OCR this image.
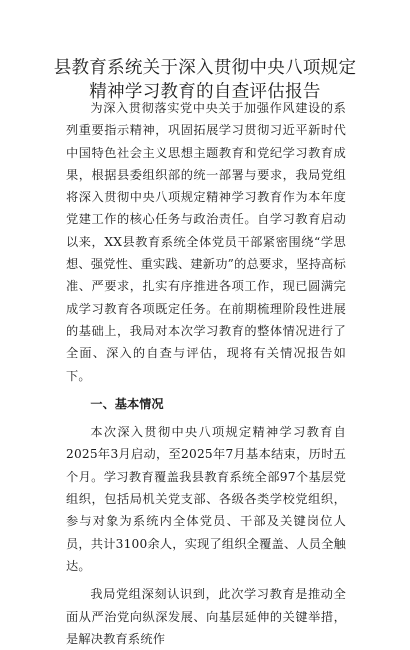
县教育系统关于深入贯彻中央八项规定精神学习教育的自查评估报告

为深入贯彻落实党中央关于加强作风建设的系列重要指示精神，巩固拓展学习贯彻习近平新时代中国特色社会主义思想主题教育和党纪学习教育成果，根据县委组织部的统一部署与要求，我局党组将深入贯彻中央八项规定精神学习教育作为本年度党建工作的核心任务与政治责任。自学习教育启动以来，XX县教育系统全体党员干部紧密围绕“学思想、强党性、重实践、建新功”的总要求，坚持高标准、严要求，扎实有序推进各项工作，现已圆满完成学习教育各项既定任务。在前期梳理阶段性进展的基础上，我局对本次学习教育的整体情况进行了全面、深入的自查与评估，现将有关情况报告如下。

一、基本情况

本次深入贯彻中央八项规定精神学习教育自2025年3月启动，至2025年7月基本结束，历时五个月。学习教育覆盖我县教育系统全部97个基层党组织，包括局机关党支部、各级各类学校党组织，参与对象为系统内全体党员、干部及关键岗位人员，共计3100余人，实现了组织全覆盖、人员全触达。

我局党组深刻认识到，此次学习教育是推动全面从严治党向纵深发展、向基层延伸的关键举措，是解决教育系统作
